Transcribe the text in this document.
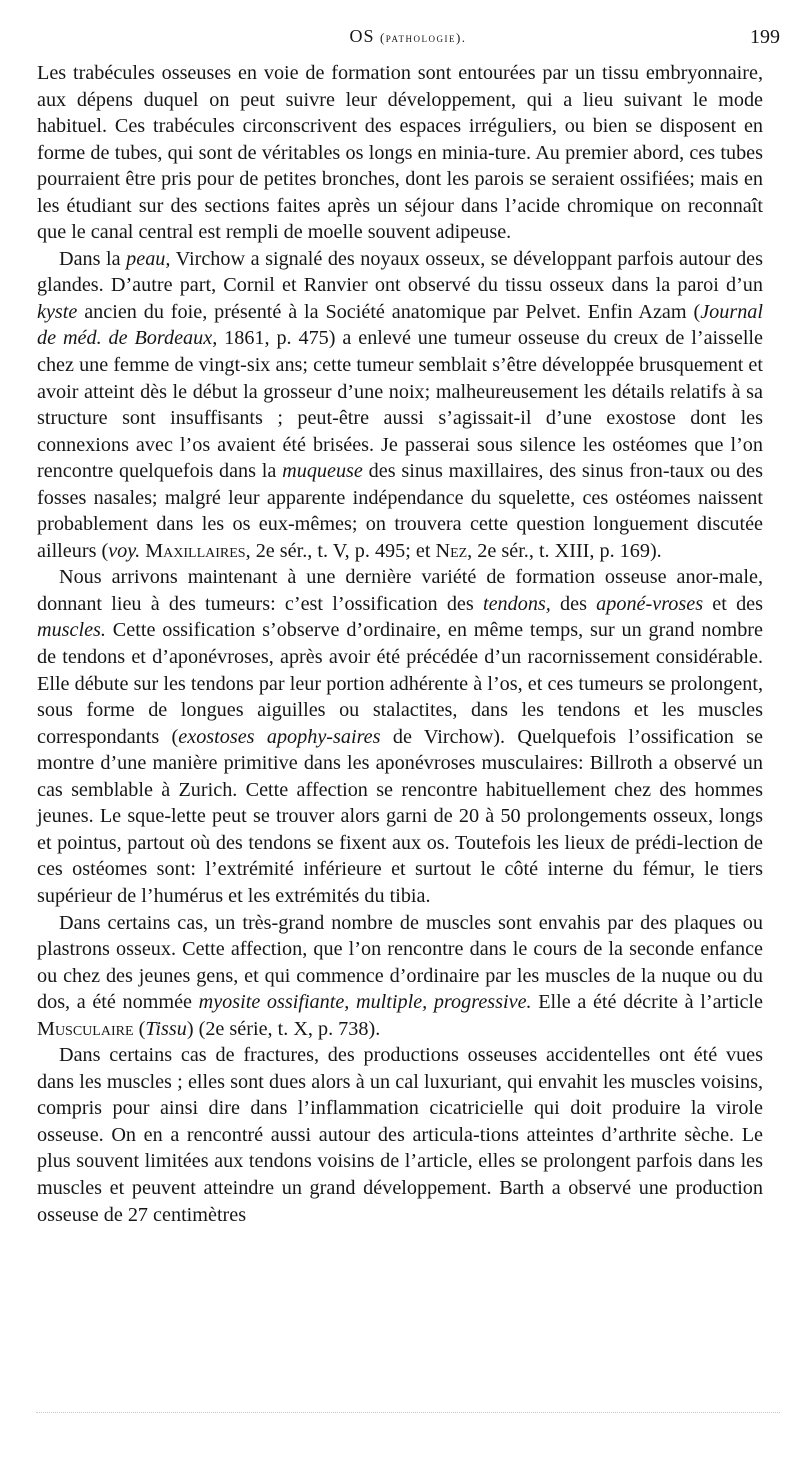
OS (pathologie).	199

Les trabécules osseuses en voie de formation sont entourées par un tissu embryonnaire, aux dépens duquel on peut suivre leur développement, qui a lieu suivant le mode habituel. Ces trabécules circonscrivent des espaces irréguliers, ou bien se disposent en forme de tubes, qui sont de véritables os longs en minia-ture. Au premier abord, ces tubes pourraient être pris pour de petites bronches, dont les parois se seraient ossifiées; mais en les étudiant sur des sections faites après un séjour dans l’acide chromique on reconnaît que le canal central est rempli de moelle souvent adipeuse.

Dans la peau, Virchow a signalé des noyaux osseux, se développant parfois autour des glandes. D’autre part, Cornil et Ranvier ont observé du tissu osseux dans la paroi d’un kyste ancien du foie, présenté à la Société anatomique par Pelvet. Enfin Azam (Journal de méd. de Bordeaux, 1861, p. 475) a enlevé une tumeur osseuse du creux de l’aisselle chez une femme de vingt-six ans; cette tumeur semblait s’être développée brusquement et avoir atteint dès le début la grosseur d’une noix; malheureusement les détails relatifs à sa structure sont insuffisants ; peut-être aussi s’agissait-il d’une exostose dont les connexions avec l’os avaient été brisées. Je passerai sous silence les ostéomes que l’on rencontre quelquefois dans la muqueuse des sinus maxillaires, des sinus fron-taux ou des fosses nasales; malgré leur apparente indépendance du squelette, ces ostéomes naissent probablement dans les os eux-mêmes; on trouvera cette question longuement discutée ailleurs (voy. Maxillaires, 2e sér., t. V, p. 495; et Nez, 2e sér., t. XIII, p. 169).

Nous arrivons maintenant à une dernière variété de formation osseuse anor-male, donnant lieu à des tumeurs: c’est l’ossification des tendons, des aponé-vroses et des muscles. Cette ossification s’observe d’ordinaire, en même temps, sur un grand nombre de tendons et d’aponévroses, après avoir été précédée d’un racornissement considérable. Elle débute sur les tendons par leur portion adhérente à l’os, et ces tumeurs se prolongent, sous forme de longues aiguilles ou stalactites, dans les tendons et les muscles correspondants (exostoses apophy-saires de Virchow). Quelquefois l’ossification se montre d’une manière primitive dans les aponévroses musculaires: Billroth a observé un cas semblable à Zurich. Cette affection se rencontre habituellement chez des hommes jeunes. Le sque-lette peut se trouver alors garni de 20 à 50 prolongements osseux, longs et pointus, partout où des tendons se fixent aux os. Toutefois les lieux de prédi-lection de ces ostéomes sont: l’extrémité inférieure et surtout le côté interne du fémur, le tiers supérieur de l’humérus et les extrémités du tibia.

Dans certains cas, un très-grand nombre de muscles sont envahis par des plaques ou plastrons osseux. Cette affection, que l’on rencontre dans le cours de la seconde enfance ou chez des jeunes gens, et qui commence d’ordinaire par les muscles de la nuque ou du dos, a été nommée myosite ossifiante, multiple, progressive. Elle a été décrite à l’article Musculaire (Tissu) (2e série, t. X, p. 738).

Dans certains cas de fractures, des productions osseuses accidentelles ont été vues dans les muscles ; elles sont dues alors à un cal luxuriant, qui envahit les muscles voisins, compris pour ainsi dire dans l’inflammation cicatricielle qui doit produire la virole osseuse. On en a rencontré aussi autour des articula-tions atteintes d’arthrite sèche. Le plus souvent limitées aux tendons voisins de l’article, elles se prolongent parfois dans les muscles et peuvent atteindre un grand développement. Barth a observé une production osseuse de 27 centimètres
